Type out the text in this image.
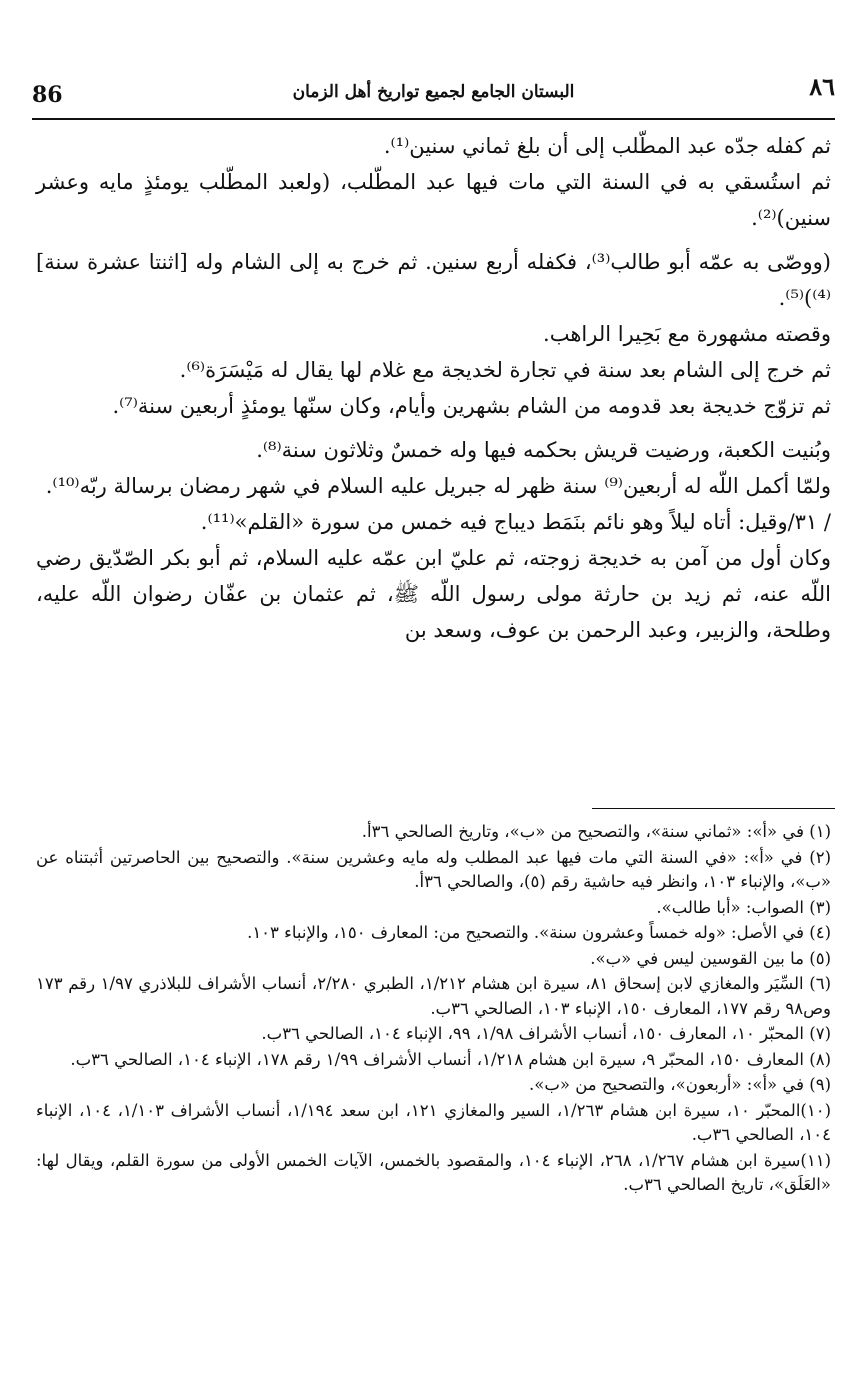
86	البستان الجامع لجميع تواريخ أهل الزمان	٨٦

ثم كفله جدّه عبد المطّلب إلى أن بلغ ثماني سنين⁽¹⁾.

ثم استُسقي به في السنة التي مات فيها عبد المطّلب، (ولعبد المطّلب يومئذٍ مايه وعشر سنين)⁽²⁾.

(ووصّى به عمّه أبو طالب⁽³⁾، فكفله أربع سنين. ثم خرج به إلى الشام وله [اثنتا عشرة سنة]⁽⁴⁾)⁽⁵⁾.

وقصته مشهورة مع بَحِيرا الراهب.

ثم خرج إلى الشام بعد سنة في تجارة لخديجة مع غلام لها يقال له مَيْسَرَة⁽⁶⁾.

ثم تزوّج خديجة بعد قدومه من الشام بشهرين وأيام، وكان سنّها يومئذٍ أربعين سنة⁽⁷⁾.

وبُنيت الكعبة، ورضيت قريش بحكمه فيها وله خمسٌ وثلاثون سنة⁽⁸⁾.

ولمّا أكمل اللّه له أربعين⁽⁹⁾ سنة ظهر له جبريل عليه السلام في شهر رمضان برسالة ربّه⁽¹⁰⁾.

/ ٣١/وقيل: أتاه ليلاً وهو نائم بنَمَط ديباج فيه خمس من سورة «القلم»⁽¹¹⁾.

وكان أول من آمن به خديجة زوجته، ثم عليّ ابن عمّه عليه السلام، ثم أبو بكر الصّدّيق رضي اللّه عنه، ثم زيد بن حارثة مولى رسول اللّه ﷺ، ثم عثمان بن عفّان رضوان اللّه عليه، وطلحة، والزبير، وعبد الرحمن بن عوف، وسعد بن

(١) في «أ»: «ثماني سنة»، والتصحيح من «ب»، وتاريخ الصالحي ٣٦أ.

(٢) في «أ»: «في السنة التي مات فيها عبد المطلب وله مايه وعشرين سنة». والتصحيح بين الحاصرتين أثبتناه عن «ب»، والإنباء ١٠٣، وانظر فيه حاشية رقم (٥)، والصالحي ٣٦أ.

(٣) الصواب: «أبا طالب».

(٤) في الأصل: «وله خمساً وعشرون سنة». والتصحيح من: المعارف ١٥٠، والإنباء ١٠٣.

(٥) ما بين القوسين ليس في «ب».

(٦) السِّيَر والمغازي لابن إسحاق ٨١، سيرة ابن هشام ١/٢١٢، الطبري ٢/٢٨٠، أنساب الأشراف للبلاذري ١/٩٧ رقم ١٧٣ وص٩٨ رقم ١٧٧، المعارف ١٥٠، الإنباء ١٠٣، الصالحي ٣٦ب.

(٧) المحبّر ١٠، المعارف ١٥٠، أنساب الأشراف ١/٩٨، ٩٩، الإنباء ١٠٤، الصالحي ٣٦ب.

(٨) المعارف ١٥٠، المحبّر ٩، سيرة ابن هشام ١/٢١٨، أنساب الأشراف ١/٩٩ رقم ١٧٨، الإنباء ١٠٤، الصالحي ٣٦ب.

(٩) في «أ»: «أربعون»، والتصحيح من «ب».

(١٠)المحبّر ١٠، سيرة ابن هشام ١/٢٦٣، السير والمغازي ١٢١، ابن سعد ١/١٩٤، أنساب الأشراف ١/١٠٣، ١٠٤، الإنباء ١٠٤، الصالحي ٣٦ب.

(١١)سيرة ابن هشام ١/٢٦٧، ٢٦٨، الإنباء ١٠٤، والمقصود بالخمس، الآيات الخمس الأولى من سورة القلم، ويقال لها: «العَلَق»، تاريخ الصالحي ٣٦ب.
